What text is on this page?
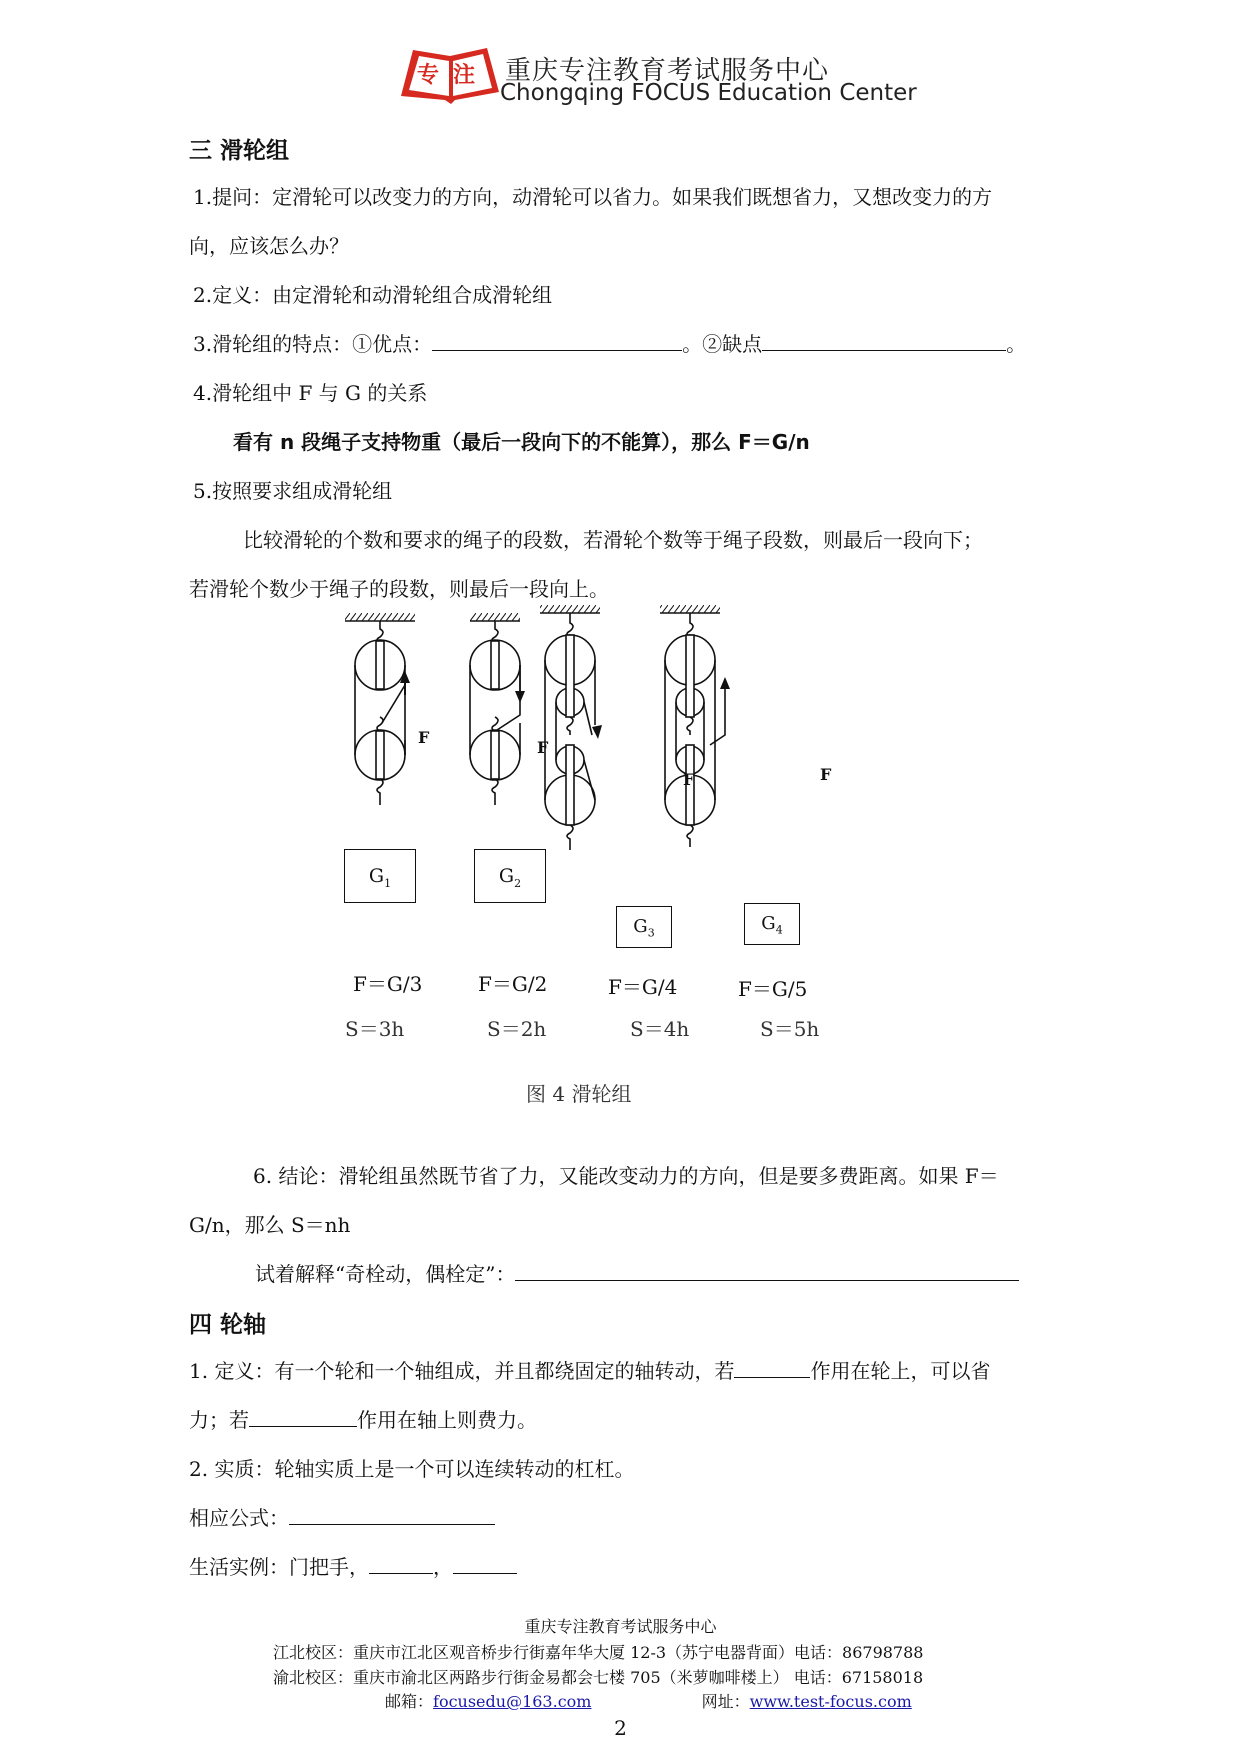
专注 重庆专注教育考试服务中心
Chongqing FOCUS Education Center
三 滑轮组
1.提问：定滑轮可以改变力的方向，动滑轮可以省力。如果我们既想省力，又想改变力的方
向，应该怎么办？
2.定义：由定滑轮和动滑轮组合成滑轮组
3.滑轮组的特点：①优点：	。②缺点	。
4.滑轮组中 F 与 G 的关系
看有 n 段绳子支持物重（最后一段向下的不能算），那么 F＝G/n
5.按照要求组成滑轮组
比较滑轮的个数和要求的绳子的段数，若滑轮个数等于绳子段数，则最后一段向下；
若滑轮个数少于绳子的段数，则最后一段向上。
F
F
F	F
$G_1$	$G_2$
$G_3$	$G_4$
F＝G/3	F＝G/2	F＝G/4	F＝G/5
S＝3h	S＝2h	S＝4h	S＝5h
图 4 滑轮组
6. 结论：滑轮组虽然既节省了力，又能改变动力的方向，但是要多费距离。如果 F＝
G/n，那么 S＝nh
试着解释“奇栓动，偶栓定”：
四 轮轴
1. 定义：有一个轮和一个轴组成，并且都绕固定的轴转动，若	作用在轮上，可以省
力；若	作用在轴上则费力。
2. 实质：轮轴实质上是一个可以连续转动的杠杠。
相应公式：
生活实例：门把手，	，
重庆专注教育考试服务中心
江北校区：重庆市江北区观音桥步行街嘉年华大厦 12-3（苏宁电器背面）电话：86798788
渝北校区：重庆市渝北区两路步行街金易都会七楼 705（米萝咖啡楼上） 电话：67158018
邮箱：focusedu@163.com	网址：www.test-focus.com
2
